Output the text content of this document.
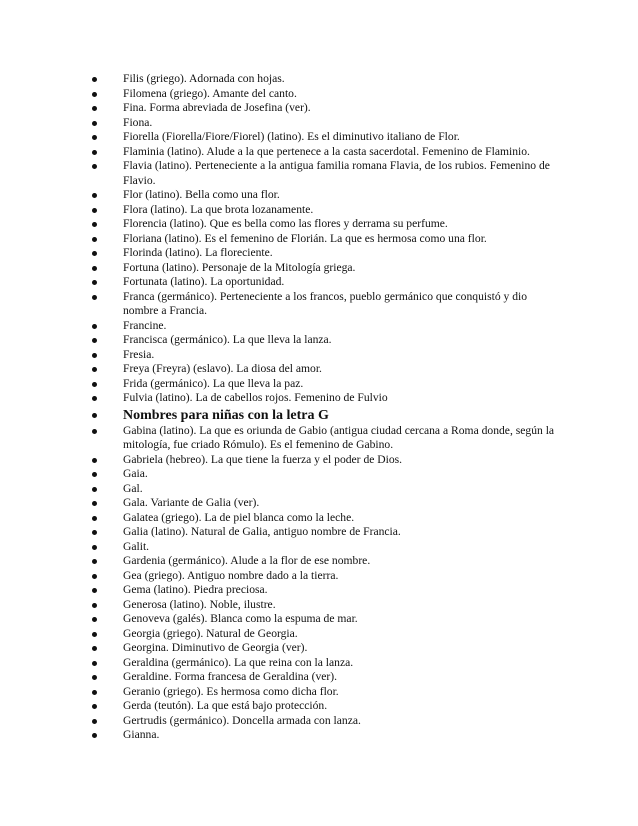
Filis (griego). Adornada con hojas.
Filomena (griego). Amante del canto.
Fina. Forma abreviada de Josefina (ver).
Fiona.
Fiorella (Fiorella/Fiore/Fiorel) (latino). Es el diminutivo italiano de Flor.
Flaminia (latino). Alude a la que pertenece a la casta sacerdotal. Femenino de Flaminio.
Flavia (latino). Perteneciente a la antigua familia romana Flavia, de los rubios. Femenino de Flavio.
Flor (latino). Bella como una flor.
Flora (latino). La que brota lozanamente.
Florencia (latino). Que es bella como las flores y derrama su perfume.
Floriana (latino). Es el femenino de Florián. La que es hermosa como una flor.
Florinda (latino). La floreciente.
Fortuna (latino). Personaje de la Mitología griega.
Fortunata (latino). La oportunidad.
Franca (germánico). Perteneciente a los francos, pueblo germánico que conquistó y dio nombre a Francia.
Francine.
Francisca (germánico). La que lleva la lanza.
Fresia.
Freya (Freyra) (eslavo). La diosa del amor.
Frida (germánico). La que lleva la paz.
Fulvia (latino). La de cabellos rojos. Femenino de Fulvio
Nombres para niñas con la letra G
Gabina (latino). La que es oriunda de Gabio (antigua ciudad cercana a Roma donde, según la mitología, fue criado Rómulo). Es el femenino de Gabino.
Gabriela (hebreo). La que tiene la fuerza y el poder de Dios.
Gaia.
Gal.
Gala. Variante de Galia (ver).
Galatea (griego). La de piel blanca como la leche.
Galia (latino). Natural de Galia, antiguo nombre de Francia.
Galit.
Gardenia (germánico). Alude a la flor de ese nombre.
Gea (griego). Antiguo nombre dado a la tierra.
Gema (latino). Piedra preciosa.
Generosa (latino). Noble, ilustre.
Genoveva (galés). Blanca como la espuma de mar.
Georgia (griego). Natural de Georgia.
Georgina. Diminutivo de Georgia (ver).
Geraldina (germánico). La que reina con la lanza.
Geraldine. Forma francesa de Geraldina (ver).
Geranio (griego). Es hermosa como dicha flor.
Gerda (teutón). La que está bajo protección.
Gertrudis (germánico). Doncella armada con lanza.
Gianna.
